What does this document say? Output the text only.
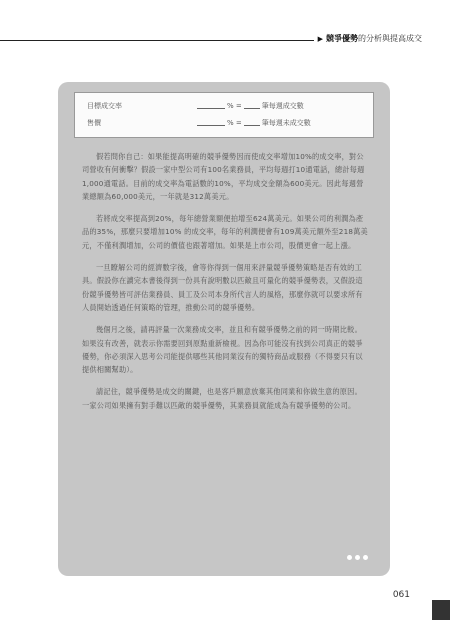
▶ 競爭優勢的分析與提高成交
目標成交率	% =	筆每週成交數
售價	% =	筆每週未成交數

假若問你自己：如果能提高明確的競爭優勢因而使成交率增加10%的成交率，對公司營收有何衝擊？假設一家中型公司有100名業務員，平均每週打10通電話，總計每週1,000通電話。目前的成交率為電話數的10%，平均成交金額為600美元。因此每週營業總額為60,000美元，一年就是312萬美元。

若將成交率提高到20%，每年總營業額便拍增至624萬美元。如果公司的利潤為產品的35%，那麼只要增加10% 的成交率，每年的利潤便會有109萬美元額外至218萬美元，不僅利潤增加，公司的價值也跟著增加。如果是上市公司，股價更會一起上漲。

一旦瞭解公司的經濟數字後，會等你得到一個用來評量競爭優勢策略是否有效的工具。假設你在讀完本書後得到一份具有說明數以匹敵且可量化的競爭優勢表，又假設這份競爭優勢皆可評估業務員、員工及公司本身所代言人的風格，那麼你就可以要求所有人員開始透過任何策略的管理，推動公司的競爭優勢。

幾個月之後，請再評量一次業務成交率，並且和有競爭優勢之前的同一時期比較。如果沒有改善，就表示你需要回到原點重新檢視。因為你可能沒有找到公司真正的競爭優勢，你必須深入思考公司能提供哪些其他同業沒有的獨特商品或服務（不得要只有以提供相關幫助）。

請記住，競爭優勢是成交的關鍵，也是客戶願意放棄其他同業和你做生意的原因。一家公司如果擁有對手難以匹敵的競爭優勢，其業務員就能成為有競爭優勢的公司。

061
